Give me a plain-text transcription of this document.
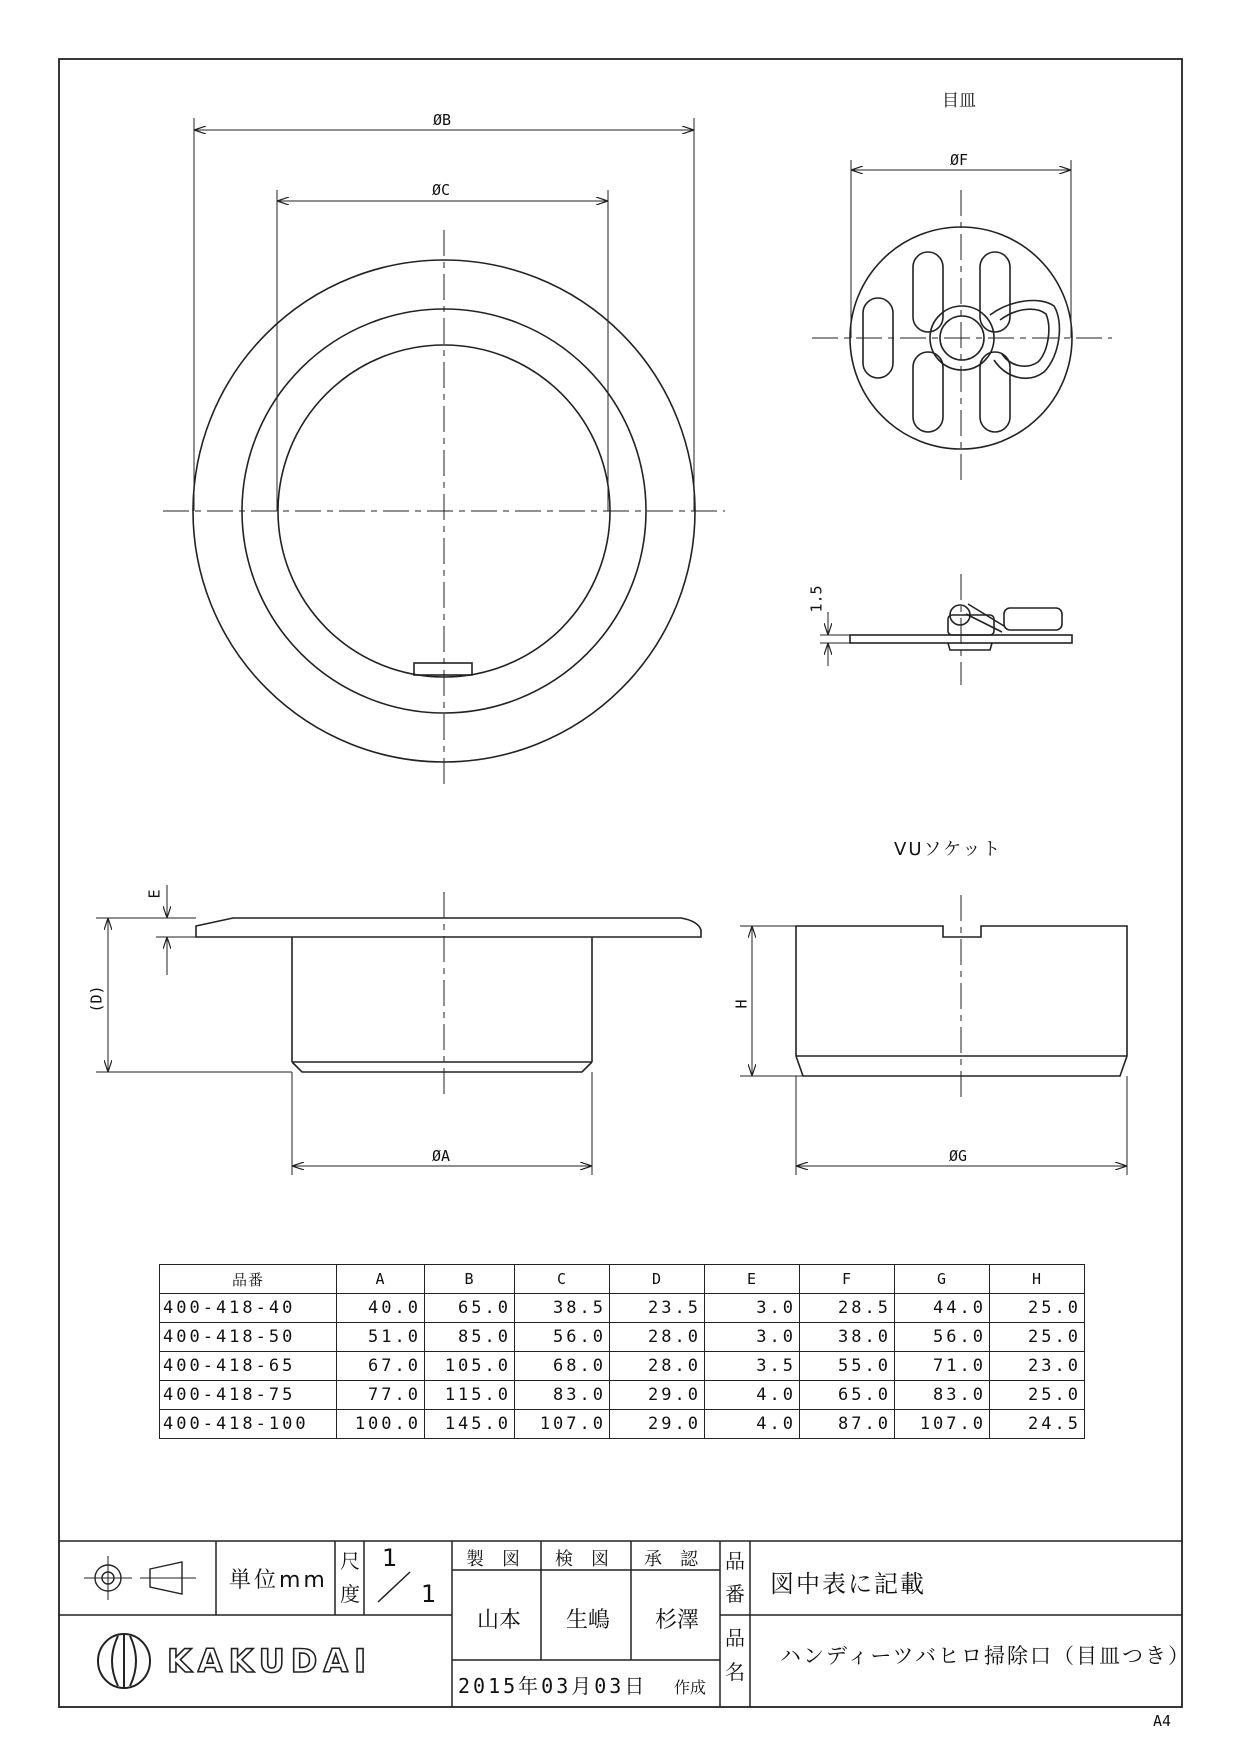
ØB
ØC
ØF
ØA	ØG
E
(D)	H
1.5
目皿
VUソケット
品番	A	B	C	D	E	F	G	H
400-418-40	40.0	65.0	38.5	23.5	3.0	28.5	44.0	25.0
400-418-50	51.0	85.0	56.0	28.0	3.0	38.0	56.0	25.0
400-418-65	67.0	105.0	68.0	28.0	3.5	55.0	71.0	23.0
400-418-75	77.0	115.0	83.0	29.0	4.0	65.0	83.0	25.0
400-418-100	100.0	145.0	107.0	29.0	4.0	87.0	107.0	24.5
単位mm
尺
度
1
1
製　図 検　図 承　認
山本 生嶋 杉澤
品
番 図中表に記載
品
名
ハンディーツバヒロ掃除口（目皿つき）
2015年03月03日 作成
KAKUDAI
A4
